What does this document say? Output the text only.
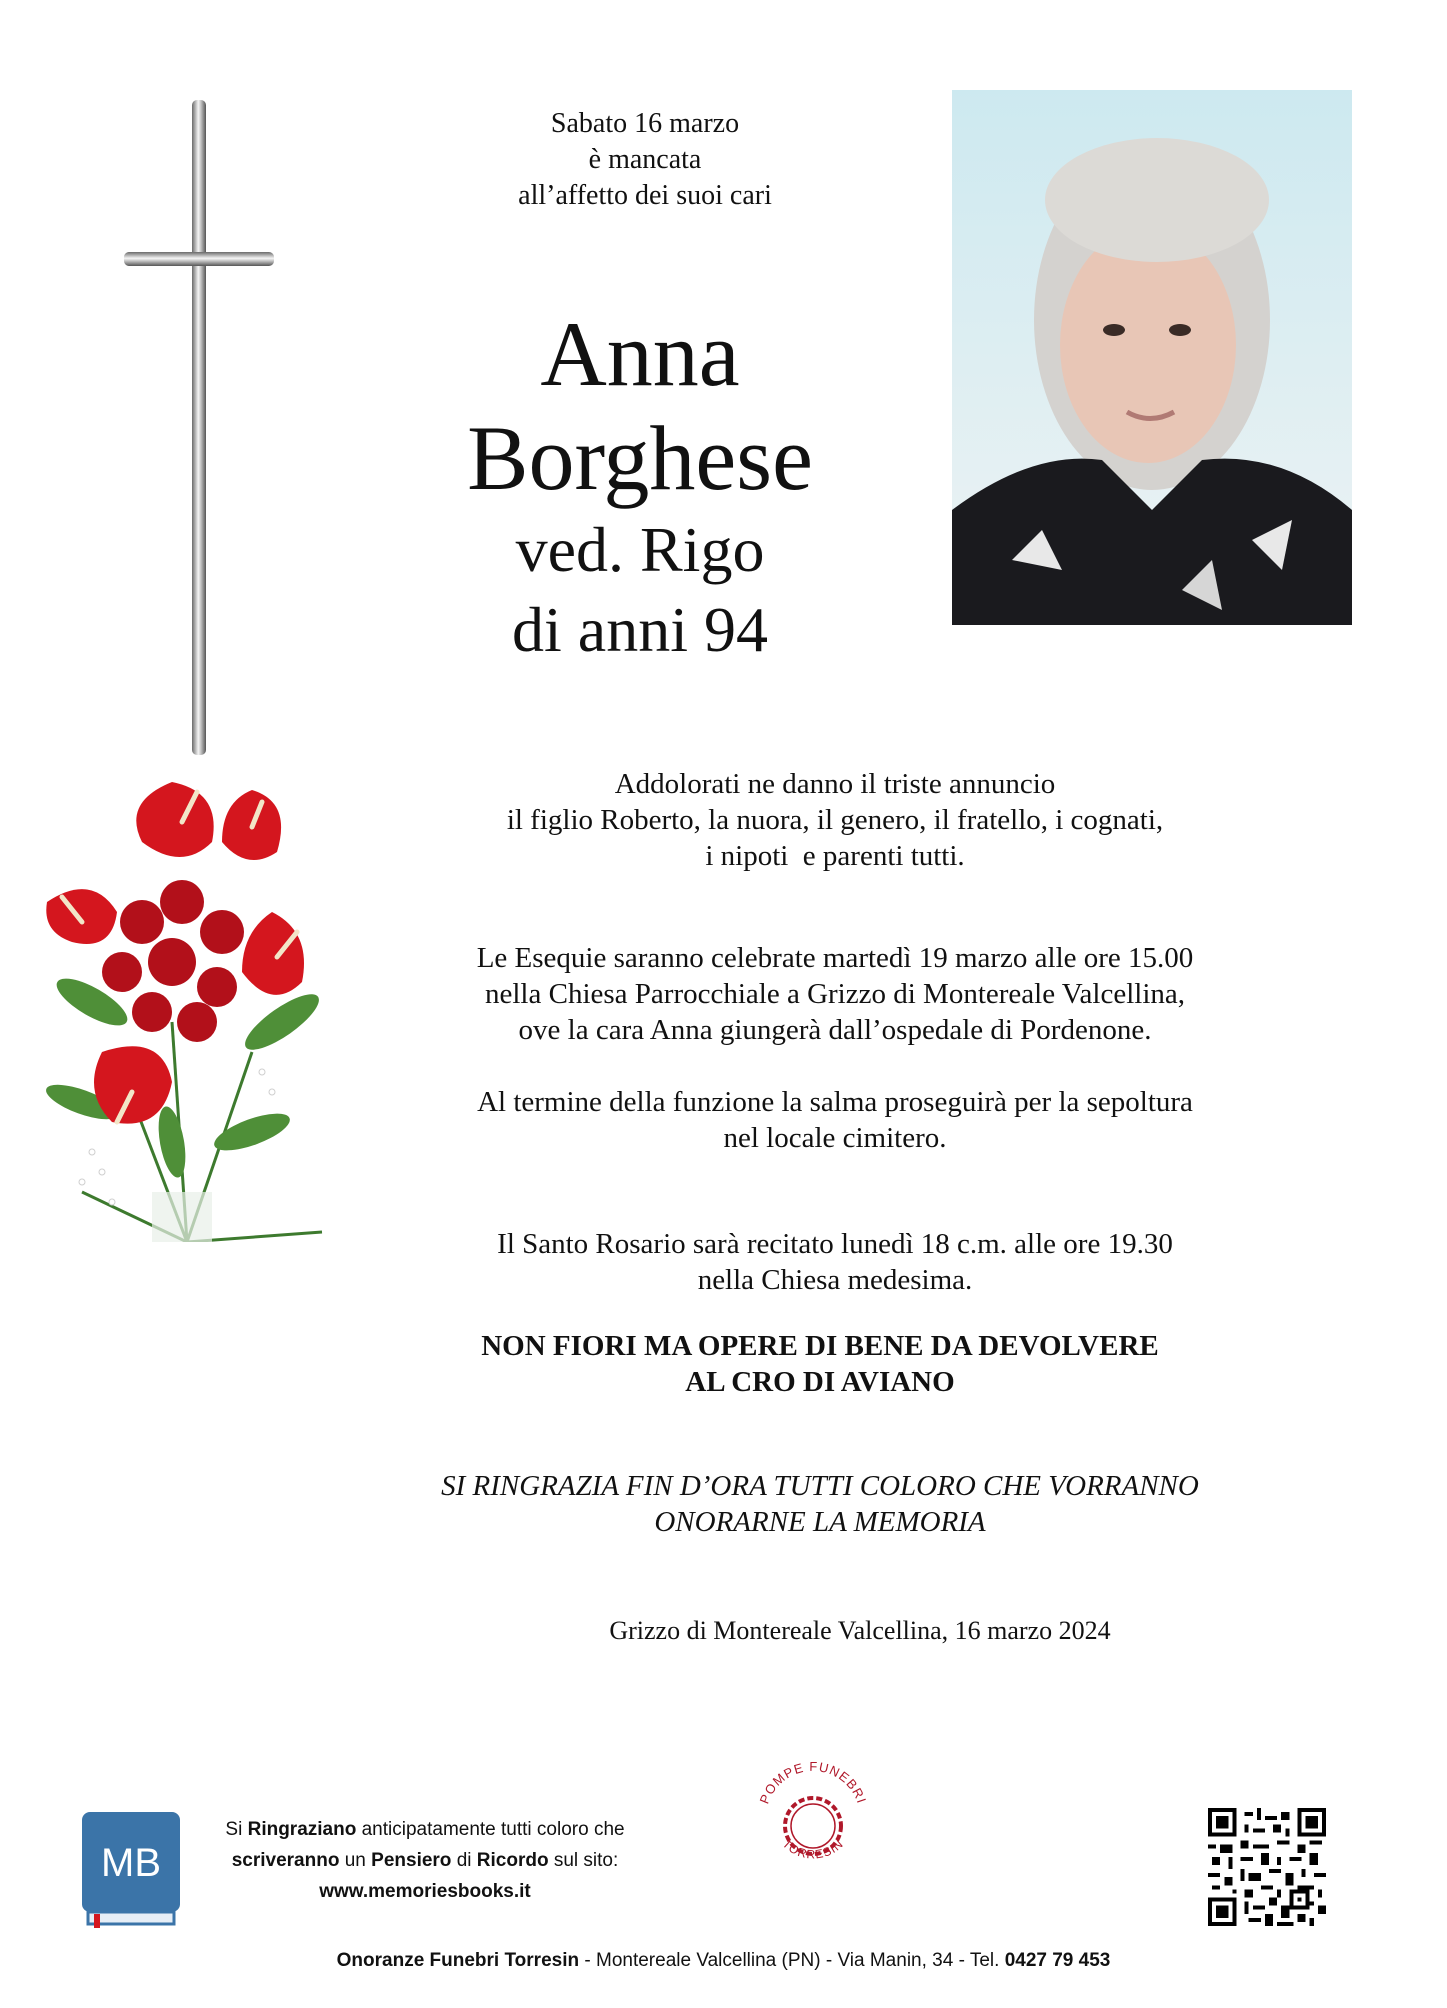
Sabato 16 marzo
è mancata
all’affetto dei suoi cari
Anna
Borghese
ved. Rigo
di anni 94
Addolorati ne danno il triste annuncio
il figlio Roberto, la nuora, il genero, il fratello, i cognati,
i nipoti  e parenti tutti.
Le Esequie saranno celebrate martedì 19 marzo alle ore 15.00
nella Chiesa Parrocchiale a Grizzo di Montereale Valcellina,
ove la cara Anna giungerà dall’ospedale di Pordenone.
Al termine della funzione la salma proseguirà per la sepoltura
nel locale cimitero.
Il Santo Rosario sarà recitato lunedì 18 c.m. alle ore 19.30
nella Chiesa medesima.
NON FIORI MA OPERE DI BENE DA DEVOLVERE
AL CRO DI AVIANO
SI RINGRAZIA FIN D’ORA TUTTI COLORO CHE VORRANNO
ONORARNE LA MEMORIA
Grizzo di Montereale Valcellina, 16 marzo 2024
MB
Si Ringraziano anticipatamente tutti coloro che
scriveranno un Pensiero di Ricordo sul sito:
www.memoriesbooks.it
POMPE FUNEBRI
TORRESIN
Onoranze Funebri Torresin - Montereale Valcellina (PN) - Via Manin, 34 - Tel. 0427 79 453
